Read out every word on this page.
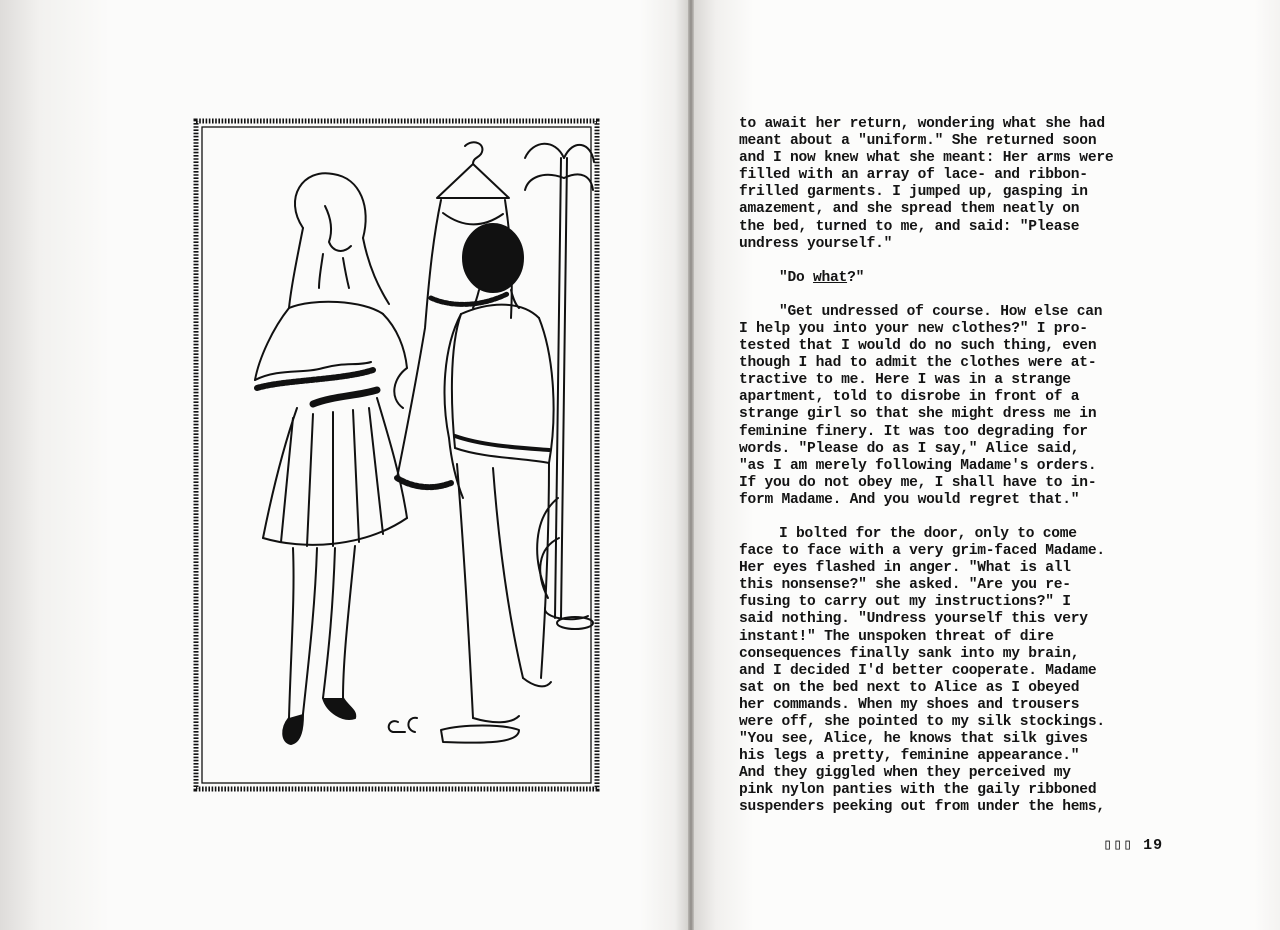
to await her return, wondering what she had
meant about a "uniform." She returned soon
and I now knew what she meant: Her arms were
filled with an array of lace- and ribbon-
frilled garments. I jumped up, gasping in
amazement, and she spread them neatly on
the bed, turned to me, and said: "Please
undress yourself."

"Do what?"

"Get undressed of course. How else can
I help you into your new clothes?" I pro-
tested that I would do no such thing, even
though I had to admit the clothes were at-
tractive to me. Here I was in a strange
apartment, told to disrobe in front of a
strange girl so that she might dress me in
feminine finery. It was too degrading for
words. "Please do as I say," Alice said,
"as I am merely following Madame's orders.
If you do not obey me, I shall have to in-
form Madame. And you would regret that."

I bolted for the door, only to come
face to face with a very grim-faced Madame.
Her eyes flashed in anger. "What is all
this nonsense?" she asked. "Are you re-
fusing to carry out my instructions?" I
said nothing. "Undress yourself this very
instant!" The unspoken threat of dire
consequences finally sank into my brain,
and I decided I'd better cooperate. Madame
sat on the bed next to Alice as I obeyed
her commands. When my shoes and trousers
were off, she pointed to my silk stockings.
"You see, Alice, he knows that silk gives
his legs a pretty, feminine appearance."
And they giggled when they perceived my
pink nylon panties with the gaily ribboned
suspenders peeking out from under the hems,

▯▯▯ 19
